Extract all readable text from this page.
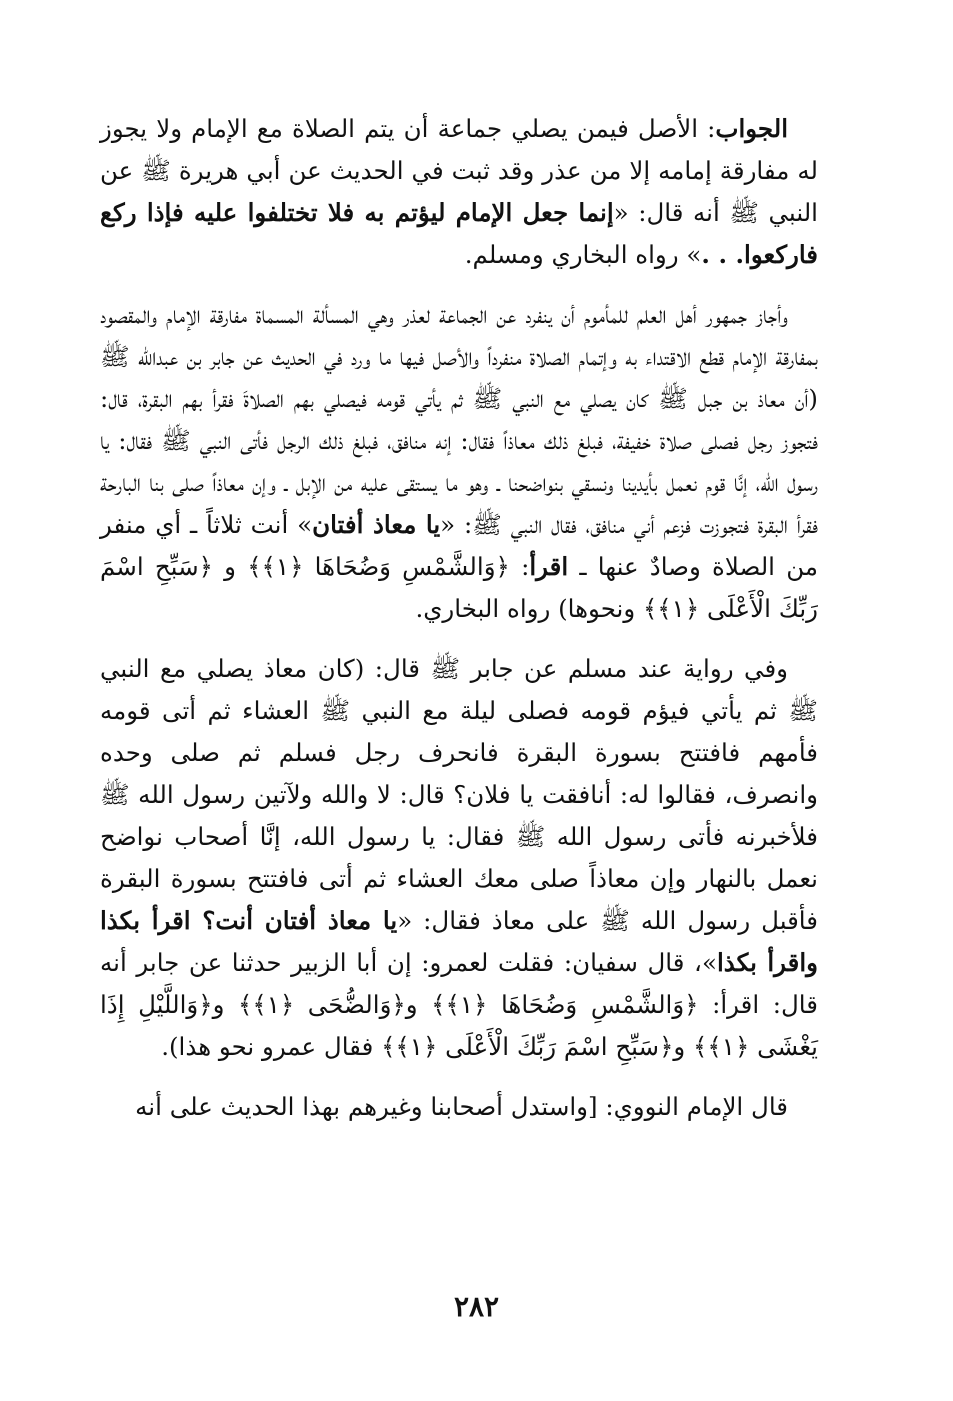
الجواب: الأصل فيمن يصلي جماعة أن يتم الصلاة مع الإمام ولا يجوز له مفارقة إمامه إلا من عذر وقد ثبت في الحديث عن أبي هريرة ﷺ عن النبي ﷺ أنه قال: «إنما جعل الإمام ليؤتم به فلا تختلفوا عليه فإذا ركع فاركعوا. . .» رواه البخاري ومسلم.

وأجاز جمهور أهل العلم للمأموم أن ينفرد عن الجماعة لعذر وهي المسألة المسماة مفارقة الإمام والمقصود بمفارقة الإمام قطع الاقتداء به وإتمام الصلاة منفرداً والأصل فيها ما ورد في الحديث عن جابر بن عبدالله ﷺ (أن معاذ بن جبل ﷺ كان يصلي مع النبي ﷺ ثم يأتي قومه فيصلي بهم الصلاةَ فقرأ بهم البقرة، قال: فتجوز رجل فصلى صلاة خفيفة، فبلغ ذلك معاذاً فقال: إنه منافق، فبلغ ذلك الرجل فأتى النبي ﷺ فقال: يا رسول الله، إنَّا قوم نعمل بأيدينا ونسقي بنواضحنا ـ وهو ما يستقى عليه من الإبل ـ وإن معاذاً صلى بنا البارحة فقرأ البقرة فتجوزت فزعم أني منافق، فقال النبي ﷺ: «يا معاذ أفتان» أنت ثلاثاً ـ أي منفر من الصلاة وصادٌ عنها ـ اقرأ: ﴿وَالشَّمْسِ وَضُحَاهَا ﴿١﴾﴾ و ﴿سَبِّحِ اسْمَ رَبِّكَ الْأَعْلَى ﴿١﴾﴾ ونحوها) رواه البخاري.

وفي رواية عند مسلم عن جابر ﷺ قال: (كان معاذ يصلي مع النبي ﷺ ثم يأتي فيؤم قومه فصلى ليلة مع النبي ﷺ العشاء ثم أتى قومه فأمهم فافتتح بسورة البقرة فانحرف رجل فسلم ثم صلى وحده وانصرف، فقالوا له: أنافقت يا فلان؟ قال: لا والله ولآتين رسول الله ﷺ فلأخبرنه فأتى رسول الله ﷺ فقال: يا رسول الله، إنَّا أصحاب نواضح نعمل بالنهار وإن معاذاً صلى معك العشاء ثم أتى فافتتح بسورة البقرة فأقبل رسول الله ﷺ على معاذ فقال: «يا معاذ أفتان أنت؟ اقرأ بكذا واقرأ بكذا»، قال سفيان: فقلت لعمرو: إن أبا الزبير حدثنا عن جابر أنه قال: اقرأ: ﴿وَالشَّمْسِ وَضُحَاهَا ﴿١﴾﴾ و﴿وَالضُّحَى ﴿١﴾﴾ و﴿وَاللَّيْلِ إِذَا يَغْشَى ﴿١﴾﴾ و﴿سَبِّحِ اسْمَ رَبِّكَ الْأَعْلَى ﴿١﴾﴾ فقال عمرو نحو هذا).

قال الإمام النووي: [واستدل أصحابنا وغيرهم بهذا الحديث على أنه

٢٨٢
